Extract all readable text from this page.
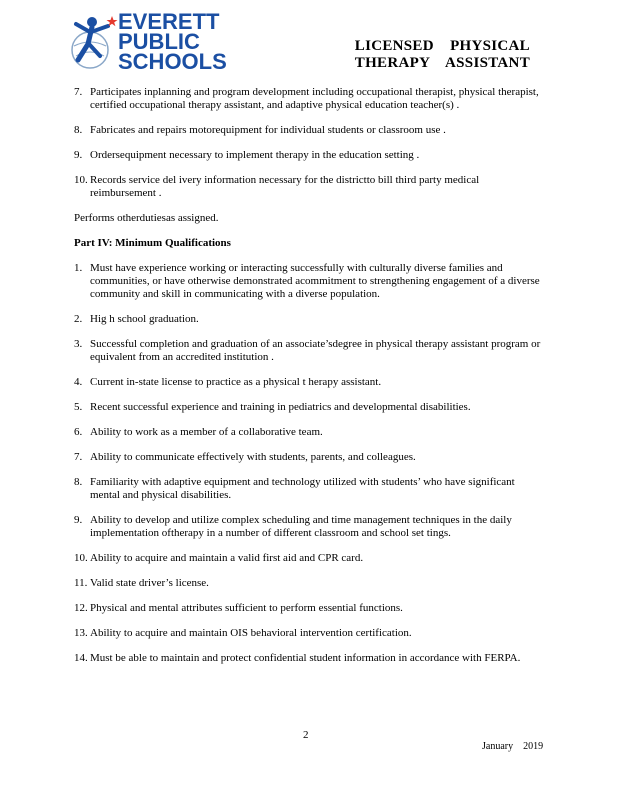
EVERETT
PUBLIC
SCHOOLS
LICENSED    PHYSICAL
THERAPY    ASSISTANT
7. Participates inplanning and program development including occupational therapist, physical therapist, certified occupational therapy assistant, and adaptive physical education teacher(s) .
8. Fabricates and repairs motorequipment for individual students or classroom use .
9. Ordersequipment necessary to implement therapy in the education setting .
10. Records service del ivery information necessary for the districtto bill third party medical reimbursement .

Performs otherdutiesas assigned.

Part IV: Minimum Qualifications

1. Must have experience working or interacting successfully with culturally diverse families and communities, or have otherwise demonstrated acommitment to strengthening engagement of a diverse community and skill in communicating with a diverse population.
2. Hig h school graduation.
3. Successful completion and graduation of an associate’sdegree in physical therapy assistant program or equivalent from an accredited institution .
4. Current in-state license to practice as a physical t herapy assistant.
5. Recent successful experience and training in pediatrics and developmental disabilities.
6. Ability to work as a member of a collaborative team.
7. Ability to communicate effectively with students, parents, and colleagues.
8. Familiarity with adaptive equipment and technology utilized with students’ who have significant mental and physical disabilities.
9. Ability to develop and utilize complex scheduling and time management techniques in the daily implementation oftherapy in a number of different classroom and school set tings.
10. Ability to acquire and maintain a valid first aid and CPR card.
11. Valid state driver’s license.
12. Physical and mental attributes sufficient to perform essential functions.
13. Ability to acquire and maintain OIS behavioral intervention certification.
14. Must be able to maintain and protect confidential student information in accordance with FERPA.
2
January    2019
